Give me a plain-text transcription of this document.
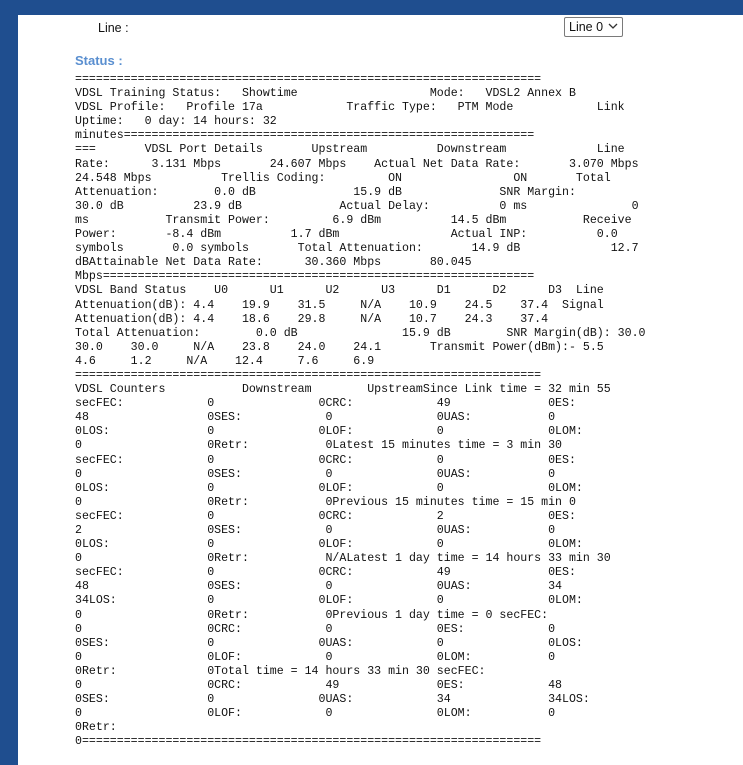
Line :	Line 0
Status :
===================================================================
VDSL Training Status:   Showtime                   Mode:   VDSL2 Annex B
VDSL Profile:   Profile 17a            Traffic Type:   PTM Mode            Link
Uptime:   0 day: 14 hours: 32
minutes===========================================================
===       VDSL Port Details       Upstream          Downstream             Line
Rate:      3.131 Mbps       24.607 Mbps    Actual Net Data Rate:       3.070 Mbps
24.548 Mbps          Trellis Coding:         ON                ON       Total
Attenuation:        0.0 dB              15.9 dB              SNR Margin:
30.0 dB          23.9 dB              Actual Delay:          0 ms               0
ms           Transmit Power:         6.9 dBm          14.5 dBm           Receive
Power:       -8.4 dBm          1.7 dBm                Actual INP:          0.0
symbols       0.0 symbols       Total Attenuation:       14.9 dB             12.7
dBAttainable Net Data Rate:      30.360 Mbps       80.045
Mbps==============================================================
VDSL Band Status    U0      U1      U2      U3      D1      D2      D3  Line
Attenuation(dB): 4.4    19.9    31.5     N/A    10.9    24.5    37.4  Signal
Attenuation(dB): 4.4    18.6    29.8     N/A    10.7    24.3    37.4
Total Attenuation:        0.0 dB               15.9 dB        SNR Margin(dB): 30.0
30.0    30.0     N/A    23.8    24.0    24.1       Transmit Power(dBm):- 5.5
4.6     1.2     N/A    12.4     7.6     6.9
===================================================================
VDSL Counters           Downstream        UpstreamSince Link time = 32 min 55
secFEC:            0               0CRC:            49              0ES:
48                 0SES:            0               0UAS:           0
0LOS:              0               0LOF:            0               0LOM:
0                  0Retr:           0Latest 15 minutes time = 3 min 30
secFEC:            0               0CRC:            0               0ES:
0                  0SES:            0               0UAS:           0
0LOS:              0               0LOF:            0               0LOM:
0                  0Retr:           0Previous 15 minutes time = 15 min 0
secFEC:            0               0CRC:            2               0ES:
2                  0SES:            0               0UAS:           0
0LOS:              0               0LOF:            0               0LOM:
0                  0Retr:           N/ALatest 1 day time = 14 hours 33 min 30
secFEC:            0               0CRC:            49              0ES:
48                 0SES:            0               0UAS:           34
34LOS:             0               0LOF:            0               0LOM:
0                  0Retr:           0Previous 1 day time = 0 secFEC:
0                  0CRC:            0               0ES:            0
0SES:              0               0UAS:            0               0LOS:
0                  0LOF:            0               0LOM:           0
0Retr:             0Total time = 14 hours 33 min 30 secFEC:
0                  0CRC:            49              0ES:            48
0SES:              0               0UAS:            34              34LOS:
0                  0LOF:            0               0LOM:           0
0Retr:
0==================================================================
